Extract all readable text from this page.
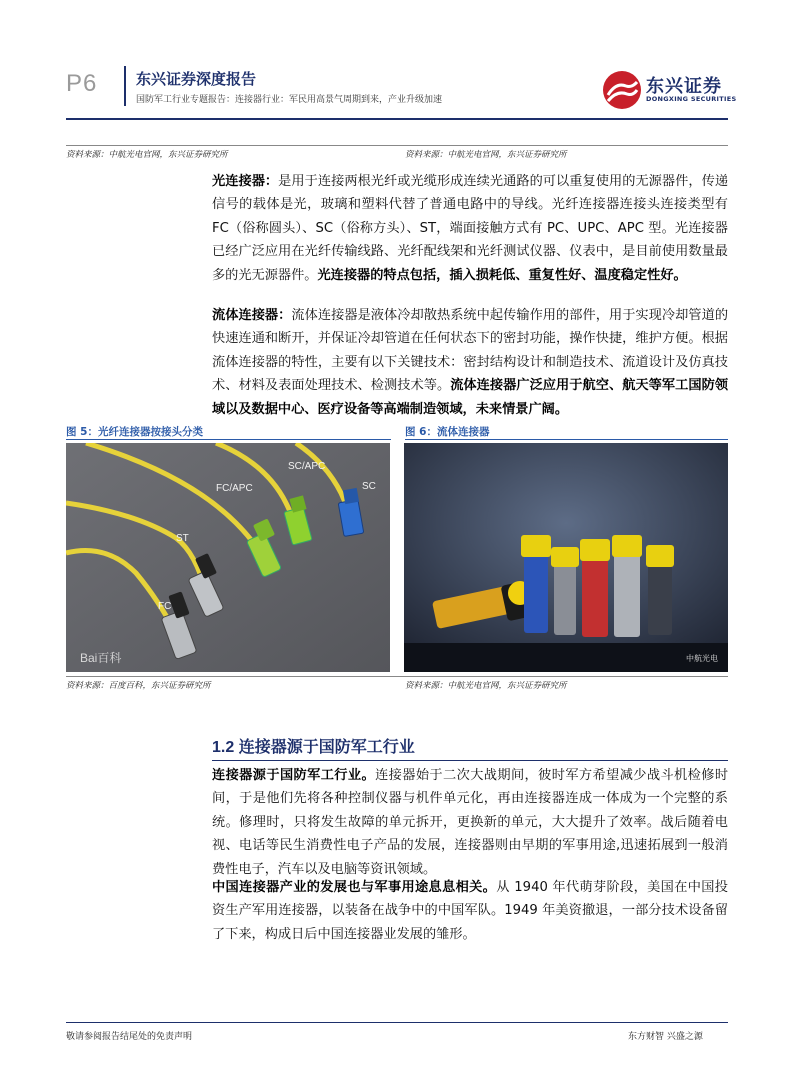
P6	东兴证券深度报告
国防军工行业专题报告：连接器行业：军民用高景气周期到来，产业升级加速
东兴证券
DONGXING SECURITIES
资料来源：中航光电官网，东兴证券研究所	资料来源：中航光电官网，东兴证券研究所
光连接器：是用于连接两根光纤或光缆形成连续光通路的可以重复使用的无源器件，传递信号的载体是光，玻璃和塑料代替了普通电路中的导线。光纤连接器连接头连接类型有 FC（俗称圆头）、SC（俗称方头）、ST，端面接触方式有 PC、UPC、APC 型。光连接器已经广泛应用在光纤传输线路、光纤配线架和光纤测试仪器、仪表中，是目前使用数量最多的光无源器件。光连接器的特点包括，插入损耗低、重复性好、温度稳定性好。
流体连接器：流体连接器是液体冷却散热系统中起传输作用的部件，用于实现冷却管道的快速连通和断开，并保证冷却管道在任何状态下的密封功能，操作快捷，维护方便。根据流体连接器的特性，主要有以下关键技术：密封结构设计和制造技术、流道设计及仿真技术、材料及表面处理技术、检测技术等。流体连接器广泛应用于航空、航天等军工国防领域以及数据中心、医疗设备等高端制造领域，未来情景广阔。
图 5：光纤连接器按接头分类	图 6：流体连接器
FC
ST
FC/APC
SC/APC
SC
Bai百科	中航光电
资料来源：百度百科，东兴证券研究所	资料来源：中航光电官网，东兴证券研究所
1.2 连接器源于国防军工行业
连接器源于国防军工行业。连接器始于二次大战期间，彼时军方希望减少战斗机检修时间，于是他们先将各种控制仪器与机件单元化，再由连接器连成一体成为一个完整的系统。修理时，只将发生故障的单元拆开，更换新的单元，大大提升了效率。战后随着电视、电话等民生消费性电子产品的发展，连接器则由早期的军事用途,迅速拓展到一般消费性电子，汽车以及电脑等资讯领域。
中国连接器产业的发展也与军事用途息息相关。从 1940 年代萌芽阶段，美国在中国投资生产军用连接器，以装备在战争中的中国军队。1949 年美资撤退，一部分技术设备留了下来，构成日后中国连接器业发展的雏形。
敬请参阅报告结尾处的免责声明	东方财智 兴盛之源
